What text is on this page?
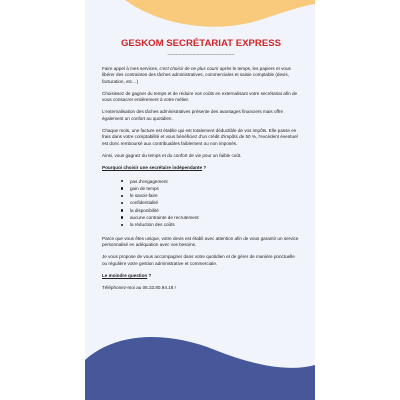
GESKOM SECRÉTARIAT EXPRESS
------------------------------------------------

Faire appel à mes services, c'est choisir de ne plus courir après le temps, les papiers et vous libérer des contraintes des tâches administratives, commerciales et saisie comptable (devis, facturation, etc…)

Choisissez de gagner du temps et de réduire vos coûts en externalisant votre secrétariat afin de vous consacrer entièrement à votre métier.

L'externalisation des tâches administratives présente des avantages financiers mais offre également un confort au quotidien.

Chaque mois, une facture est établie qui est totalement déductible de vos impôts. Elle passe en frais dans votre comptabilité et vous bénéficiez d'un crédit d'impôts de 50 %, l'excédent éventuel est donc remboursé aux contribuables faiblement ou non imposés.

Ainsi, vous gagnez du temps et du confort de vie pour un faible coût.

Pourquoi choisir une secrétaire indépendante ?
pas d'engagement
gain de temps
le savoir-faire
confidentialité
la disponibilité
aucune contrainte de recrutement
la réduction des coûts

Parce que vous êtes unique, votre devis est établi avec attention afin de vous garantir un service personnalisé en adéquation avec vos besoins.

Je vous propose de vous accompagner dans votre quotidien et de gérer de manière ponctuelle ou régulière votre gestion administrative et commerciale.

Le moindre question ?

Téléphonez-moi au 06.33.80.94.18 !
